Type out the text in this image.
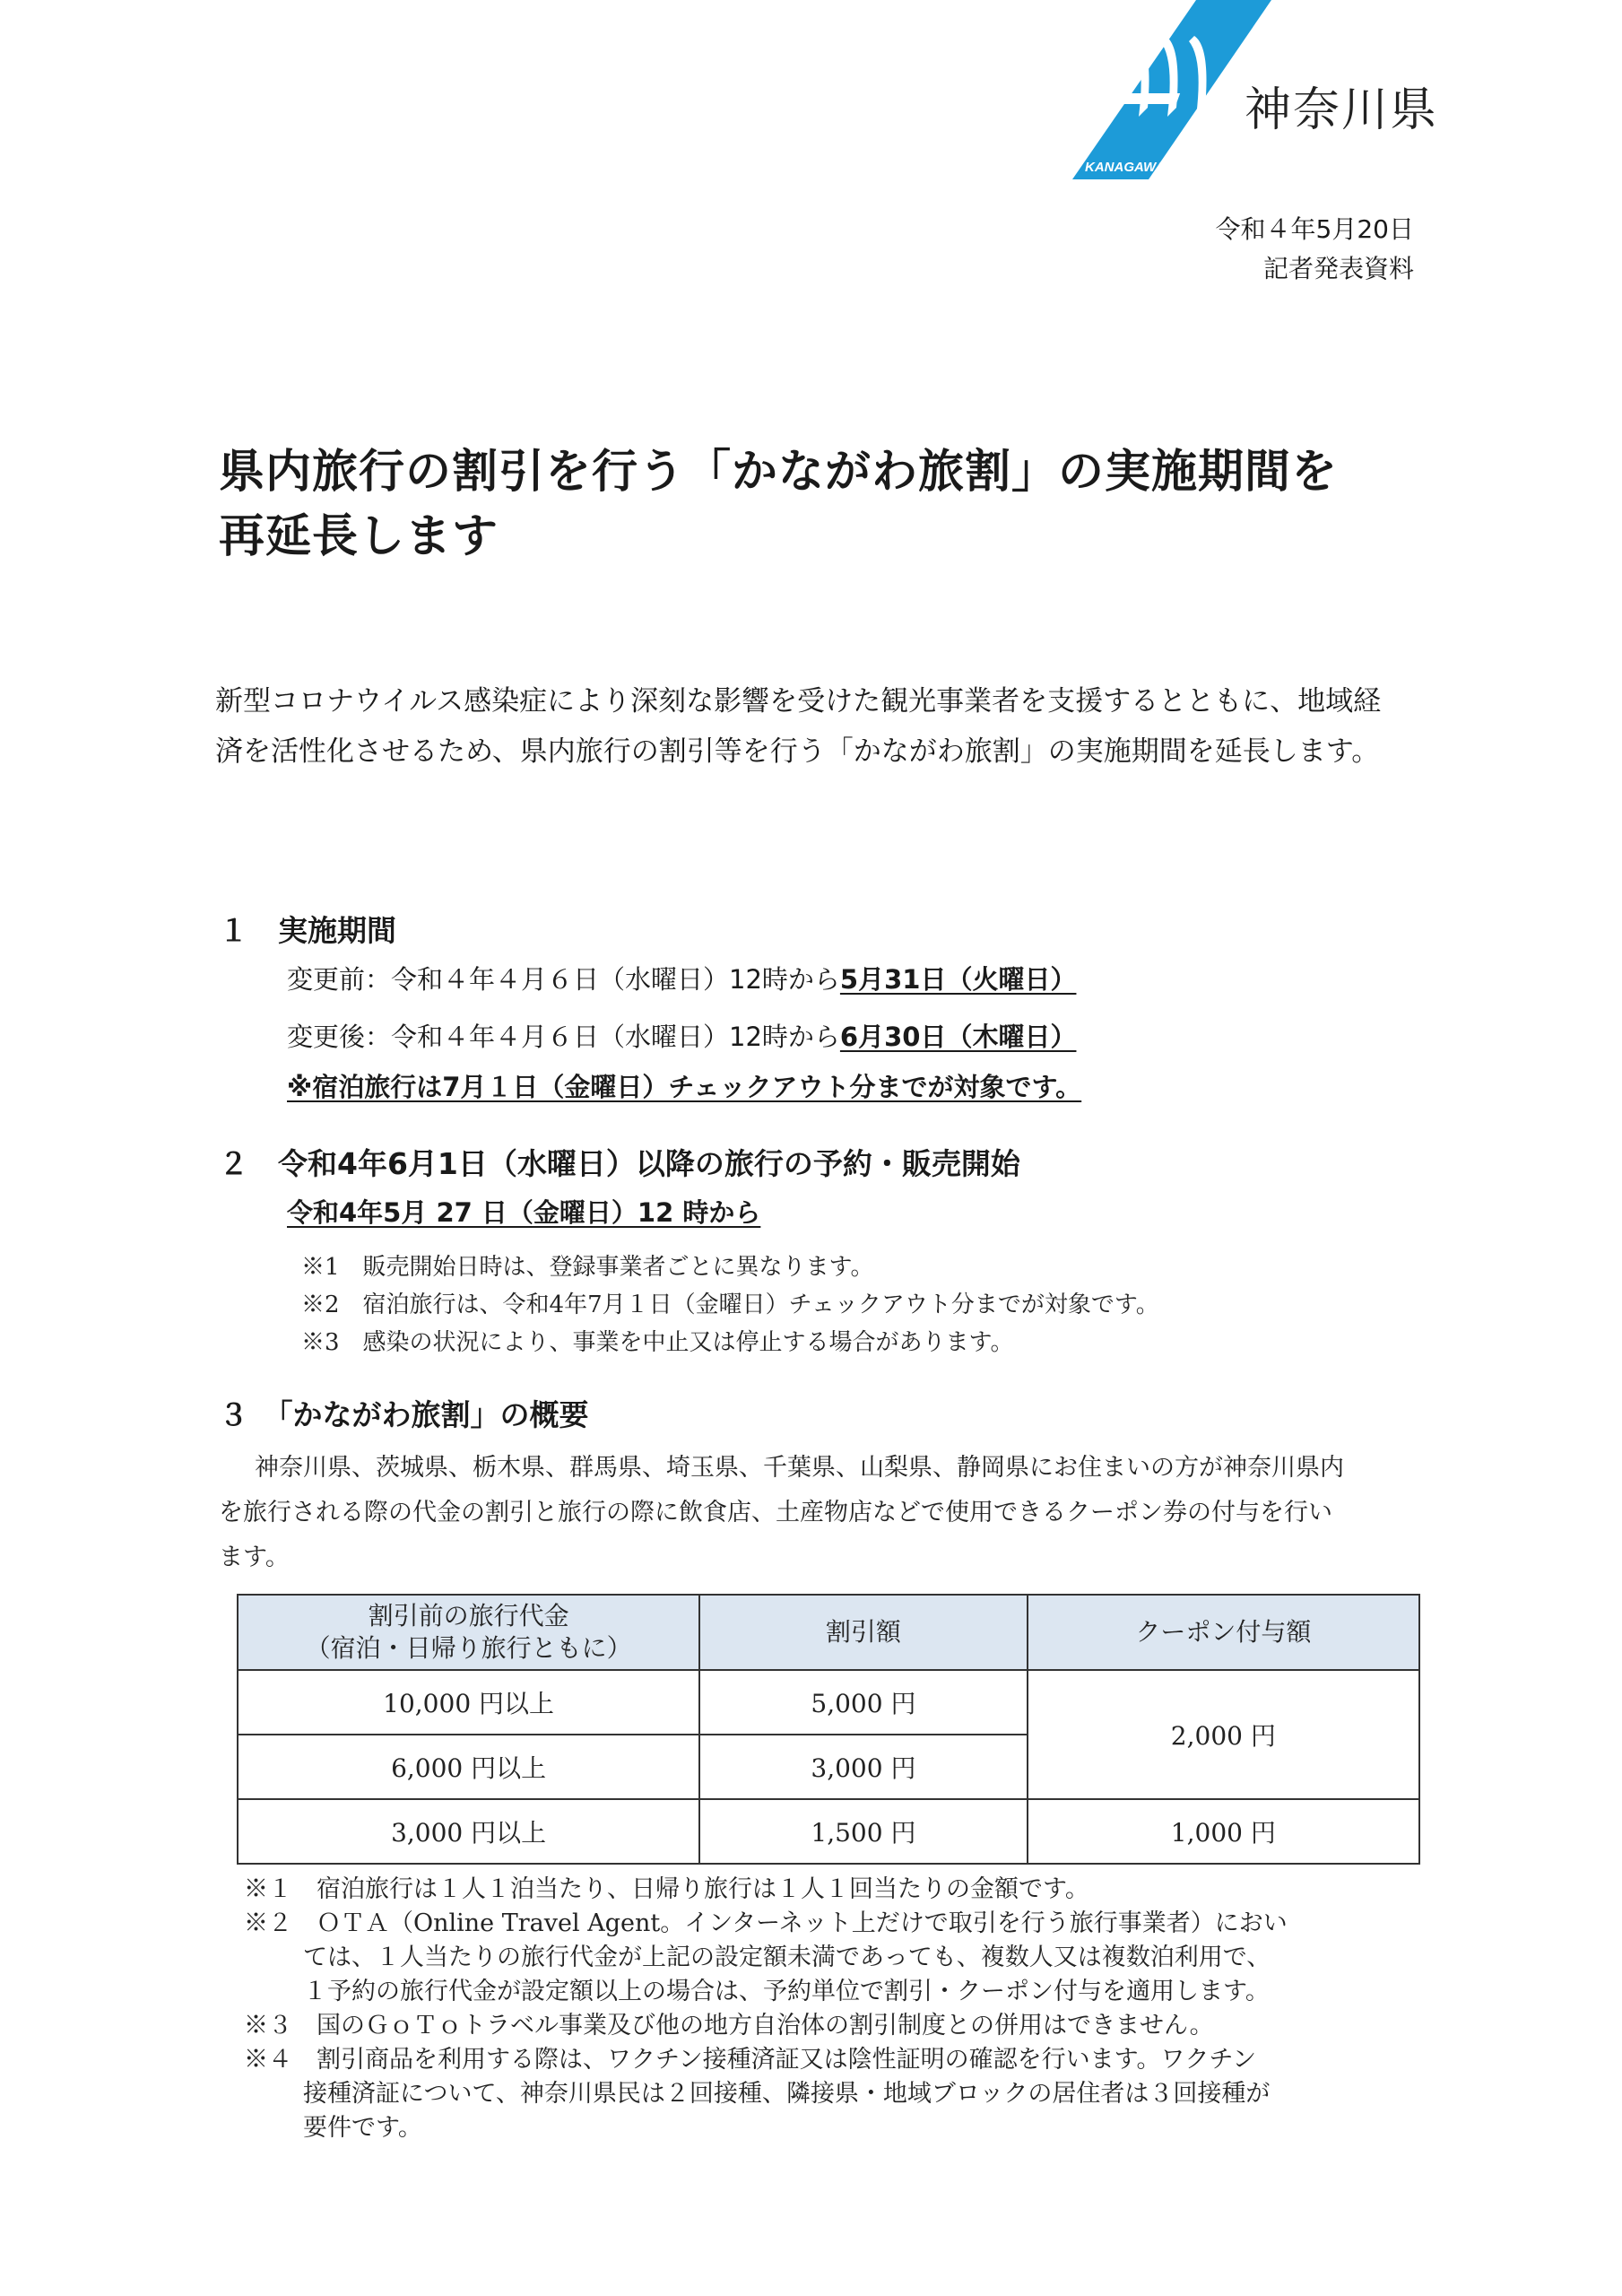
KANAGAWA
神奈川県
令和４年5月20日
記者発表資料
県内旅行の割引を行う「かながわ旅割」の実施期間を
再延長します
新型コロナウイルス感染症により深刻な影響を受けた観光事業者を支援するとともに、地域経
済を活性化させるため、県内旅行の割引等を行う「かながわ旅割」の実施期間を延長します。
１　実施期間
変更前：令和４年４月６日（水曜日）12時から5月31日（火曜日）
変更後：令和４年４月６日（水曜日）12時から6月30日（木曜日）
※宿泊旅行は7月１日（金曜日）チェックアウト分までが対象です。
２　令和4年6月1日（水曜日）以降の旅行の予約・販売開始
令和4年5月 27 日（金曜日）12 時から
※1　販売開始日時は、登録事業者ごとに異なります。
※2　宿泊旅行は、令和4年7月１日（金曜日）チェックアウト分までが対象です。
※3　感染の状況により、事業を中止又は停止する場合があります。
３　「かながわ旅割」の概要
神奈川県、茨城県、栃木県、群馬県、埼玉県、千葉県、山梨県、静岡県にお住まいの方が神奈川県内
を旅行される際の代金の割引と旅行の際に飲食店、土産物店などで使用できるクーポン券の付与を行い
ます。
割引前の旅行代金
（宿泊・日帰り旅行ともに）	割引額	クーポン付与額
10,000 円以上	5,000 円	2,000 円
6,000 円以上	3,000 円	
3,000 円以上	1,500 円	1,000 円
※１　宿泊旅行は１人１泊当たり、日帰り旅行は１人１回当たりの金額です。
※２　ＯＴＡ（Online Travel Agent。インターネット上だけで取引を行う旅行事業者）におい
ては、１人当たりの旅行代金が上記の設定額未満であっても、複数人又は複数泊利用で、
１予約の旅行代金が設定額以上の場合は、予約単位で割引・クーポン付与を適用します。
※３　国のＧｏＴｏトラベル事業及び他の地方自治体の割引制度との併用はできません。
※４　割引商品を利用する際は、ワクチン接種済証又は陰性証明の確認を行います。ワクチン
接種済証について、神奈川県民は２回接種、隣接県・地域ブロックの居住者は３回接種が
要件です。
